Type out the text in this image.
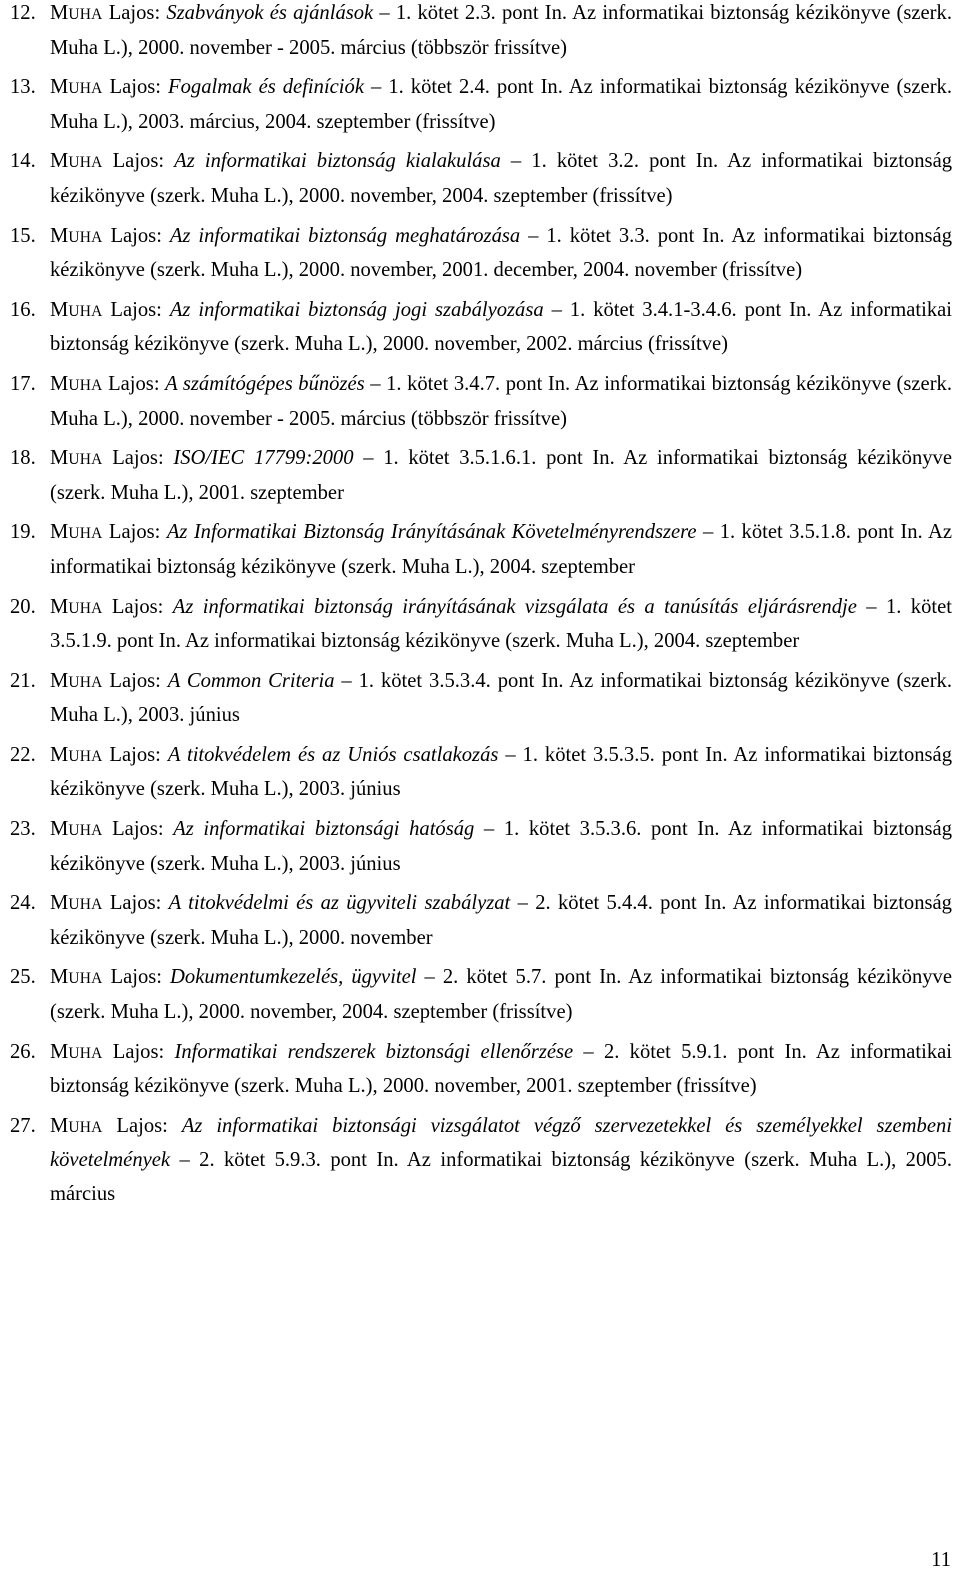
12. MUHA Lajos: Szabványok és ajánlások – 1. kötet 2.3. pont In. Az informatikai biztonság kézikönyve (szerk. Muha L.), 2000. november - 2005. március (többször frissítve)
13. MUHA Lajos: Fogalmak és definíciók – 1. kötet 2.4. pont In. Az informatikai biztonság kézikönyve (szerk. Muha L.), 2003. március, 2004. szeptember (frissítve)
14. MUHA Lajos: Az informatikai biztonság kialakulása – 1. kötet 3.2. pont In. Az informatikai biztonság kézikönyve (szerk. Muha L.), 2000. november, 2004. szeptember (frissítve)
15. MUHA Lajos: Az informatikai biztonság meghatározása – 1. kötet 3.3. pont In. Az informatikai biztonság kézikönyve (szerk. Muha L.), 2000. november, 2001. december, 2004. november (frissítve)
16. MUHA Lajos: Az informatikai biztonság jogi szabályozása – 1. kötet 3.4.1-3.4.6. pont In. Az informatikai biztonság kézikönyve (szerk. Muha L.), 2000. november, 2002. március (frissítve)
17. MUHA Lajos: A számítógépes bűnözés – 1. kötet 3.4.7. pont In. Az informatikai biztonság kézikönyve (szerk. Muha L.), 2000. november - 2005. március (többször frissítve)
18. MUHA Lajos: ISO/IEC 17799:2000 – 1. kötet 3.5.1.6.1. pont In. Az informatikai biztonság kézikönyve (szerk. Muha L.), 2001. szeptember
19. MUHA Lajos: Az Informatikai Biztonság Irányításának Követelményrendszere – 1. kötet 3.5.1.8. pont In. Az informatikai biztonság kézikönyve (szerk. Muha L.), 2004. szeptember
20. MUHA Lajos: Az informatikai biztonság irányításának vizsgálata és a tanúsítás eljárásrendje – 1. kötet 3.5.1.9. pont In. Az informatikai biztonság kézikönyve (szerk. Muha L.), 2004. szeptember
21. MUHA Lajos: A Common Criteria – 1. kötet 3.5.3.4. pont In. Az informatikai biztonság kézikönyve (szerk. Muha L.), 2003. június
22. MUHA Lajos: A titokvédelem és az Uniós csatlakozás – 1. kötet 3.5.3.5. pont In. Az informatikai biztonság kézikönyve (szerk. Muha L.), 2003. június
23. MUHA Lajos: Az informatikai biztonsági hatóság – 1. kötet 3.5.3.6. pont In. Az informatikai biztonság kézikönyve (szerk. Muha L.), 2003. június
24. MUHA Lajos: A titokvédelmi és az ügyviteli szabályzat – 2. kötet 5.4.4. pont In. Az informatikai biztonság kézikönyve (szerk. Muha L.), 2000. november
25. MUHA Lajos: Dokumentumkezelés, ügyvitel – 2. kötet 5.7. pont In. Az informatikai biztonság kézikönyve (szerk. Muha L.), 2000. november, 2004. szeptember (frissítve)
26. MUHA Lajos: Informatikai rendszerek biztonsági ellenőrzése – 2. kötet 5.9.1. pont In. Az informatikai biztonság kézikönyve (szerk. Muha L.), 2000. november, 2001. szeptember (frissítve)
27. MUHA Lajos: Az informatikai biztonsági vizsgálatot végző szervezetekkel és személyekkel szembeni követelmények – 2. kötet 5.9.3. pont In. Az informatikai biztonság kézikönyve (szerk. Muha L.), 2005. március
11
